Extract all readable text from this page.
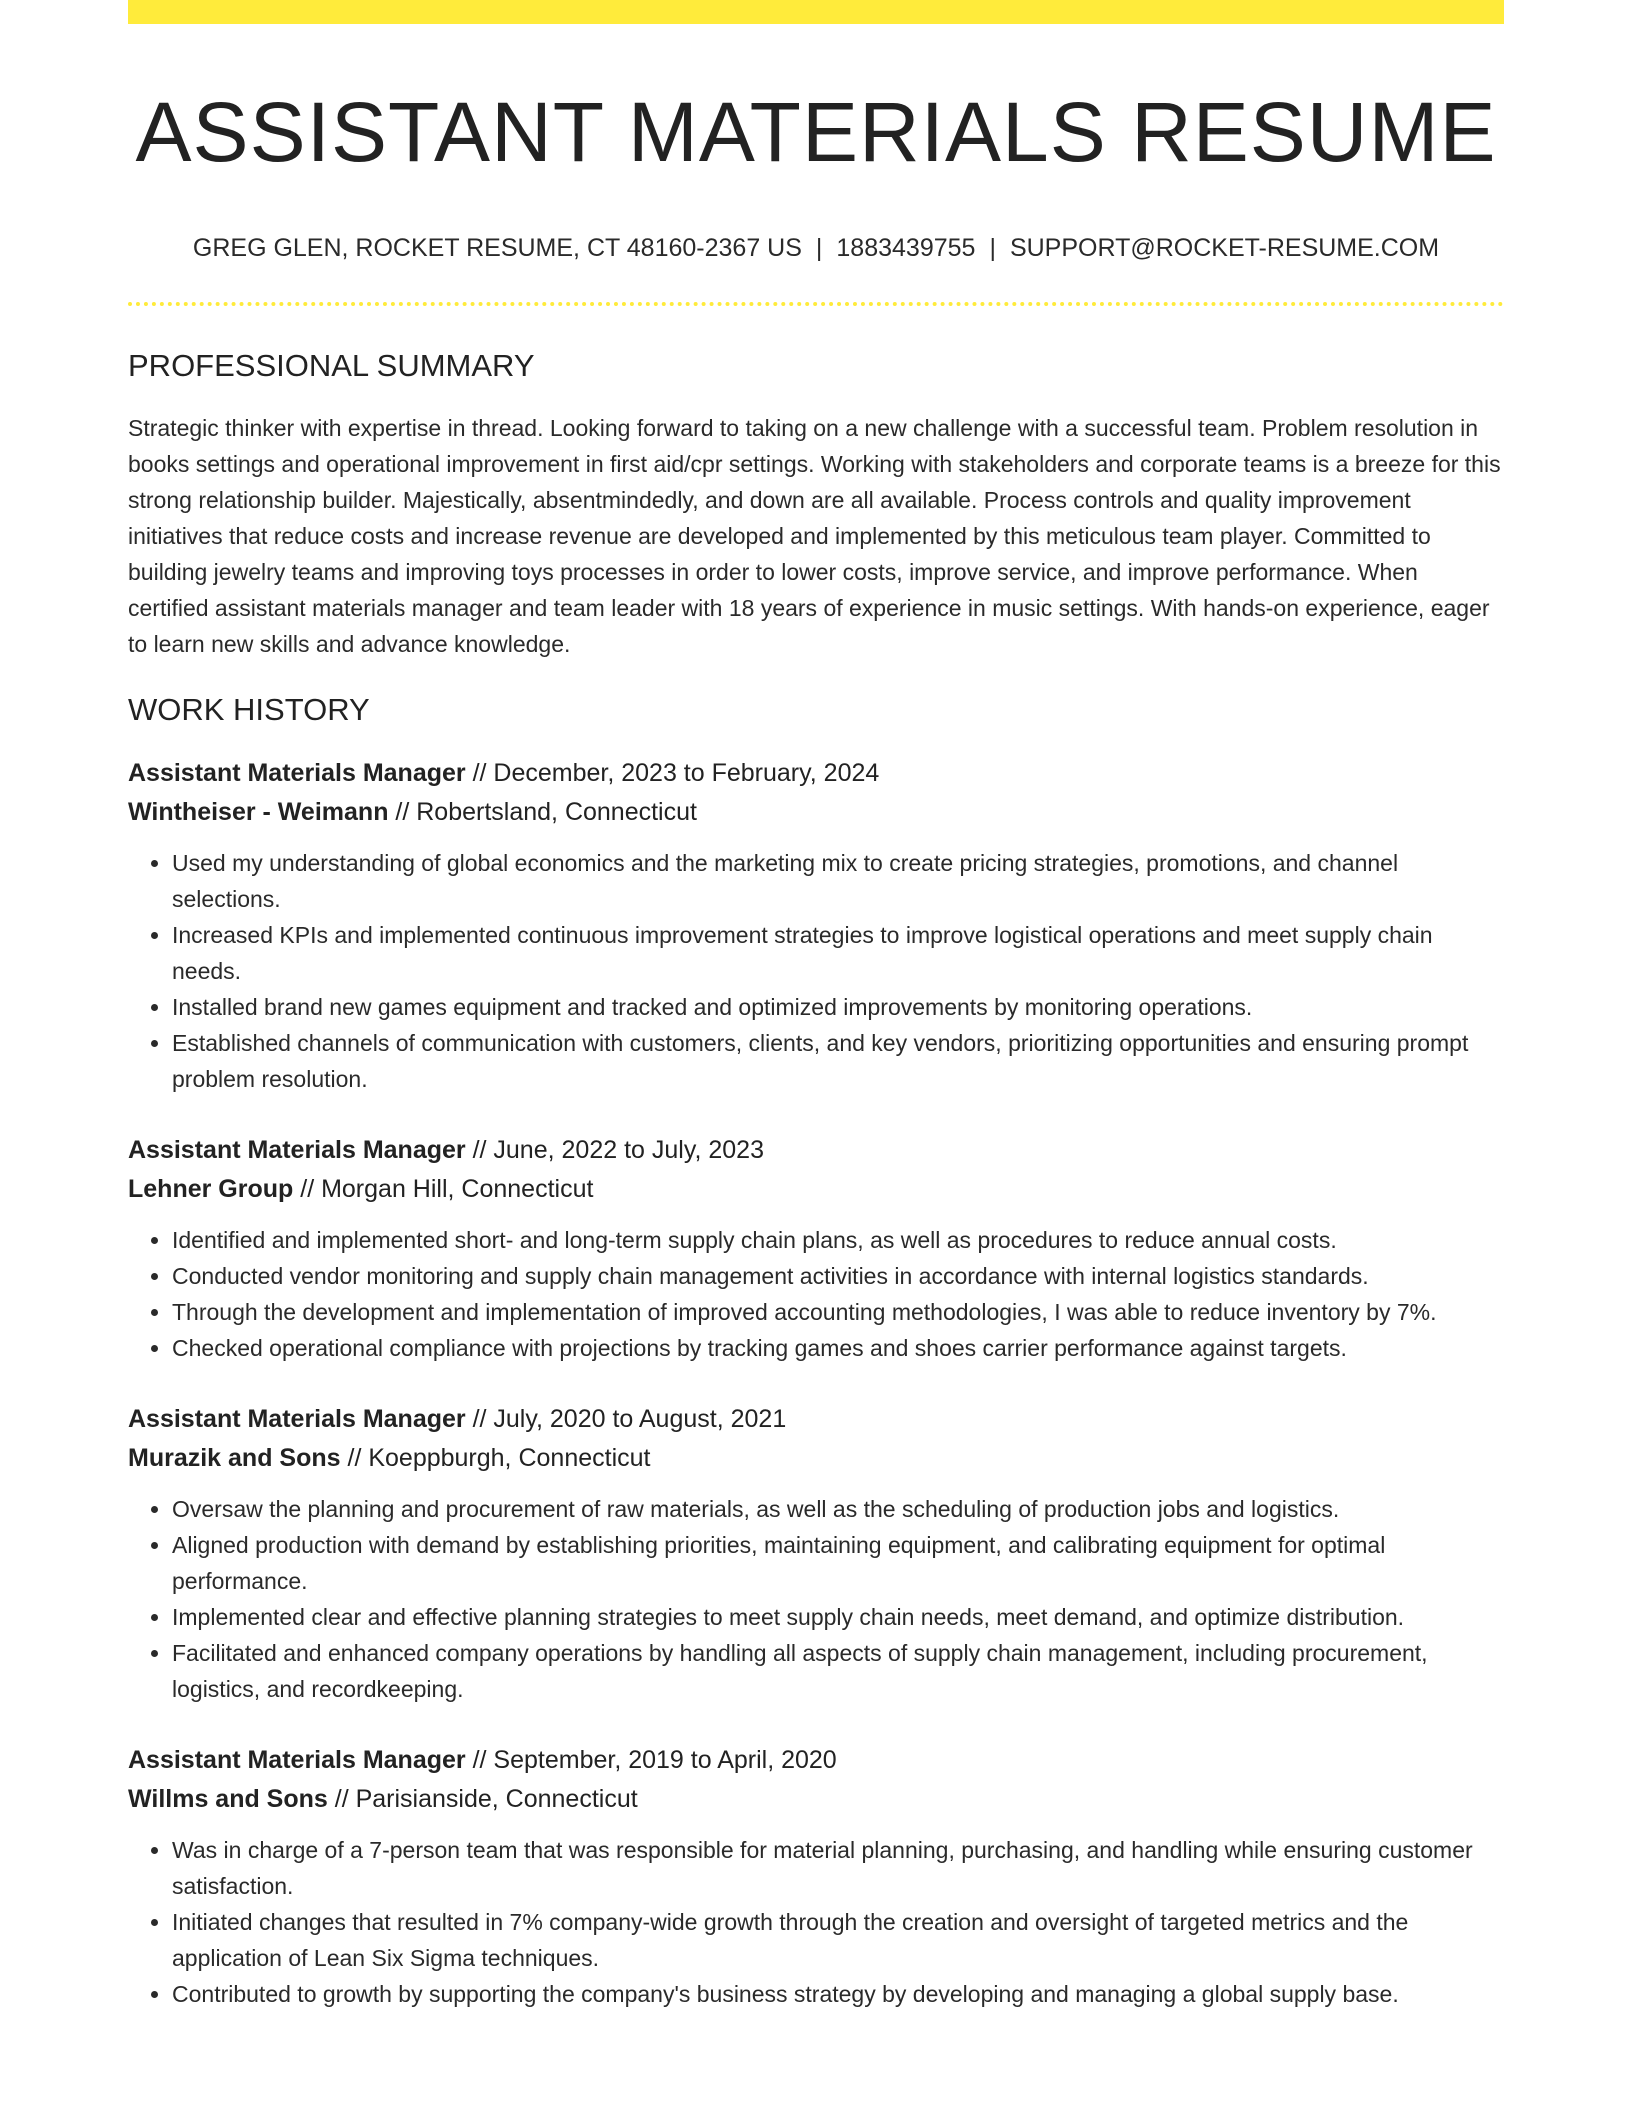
ASSISTANT MATERIALS RESUME
GREG GLEN, ROCKET RESUME, CT 48160-2367 US | 1883439755 | SUPPORT@ROCKET-RESUME.COM
PROFESSIONAL SUMMARY
Strategic thinker with expertise in thread. Looking forward to taking on a new challenge with a successful team. Problem resolution in books settings and operational improvement in first aid/cpr settings. Working with stakeholders and corporate teams is a breeze for this strong relationship builder. Majestically, absentmindedly, and down are all available. Process controls and quality improvement initiatives that reduce costs and increase revenue are developed and implemented by this meticulous team player. Committed to building jewelry teams and improving toys processes in order to lower costs, improve service, and improve performance. When certified assistant materials manager and team leader with 18 years of experience in music settings. With hands-on experience, eager to learn new skills and advance knowledge.
WORK HISTORY
Assistant Materials Manager // December, 2023 to February, 2024
Wintheiser - Weimann // Robertsland, Connecticut
• Used my understanding of global economics and the marketing mix to create pricing strategies, promotions, and channel selections.
• Increased KPIs and implemented continuous improvement strategies to improve logistical operations and meet supply chain needs.
• Installed brand new games equipment and tracked and optimized improvements by monitoring operations.
• Established channels of communication with customers, clients, and key vendors, prioritizing opportunities and ensuring prompt problem resolution.
Assistant Materials Manager // June, 2022 to July, 2023
Lehner Group // Morgan Hill, Connecticut
• Identified and implemented short- and long-term supply chain plans, as well as procedures to reduce annual costs.
• Conducted vendor monitoring and supply chain management activities in accordance with internal logistics standards.
• Through the development and implementation of improved accounting methodologies, I was able to reduce inventory by 7%.
• Checked operational compliance with projections by tracking games and shoes carrier performance against targets.
Assistant Materials Manager // July, 2020 to August, 2021
Murazik and Sons // Koeppburgh, Connecticut
• Oversaw the planning and procurement of raw materials, as well as the scheduling of production jobs and logistics.
• Aligned production with demand by establishing priorities, maintaining equipment, and calibrating equipment for optimal performance.
• Implemented clear and effective planning strategies to meet supply chain needs, meet demand, and optimize distribution.
• Facilitated and enhanced company operations by handling all aspects of supply chain management, including procurement, logistics, and recordkeeping.
Assistant Materials Manager // September, 2019 to April, 2020
Willms and Sons // Parisianside, Connecticut
• Was in charge of a 7-person team that was responsible for material planning, purchasing, and handling while ensuring customer satisfaction.
• Initiated changes that resulted in 7% company-wide growth through the creation and oversight of targeted metrics and the application of Lean Six Sigma techniques.
• Contributed to growth by supporting the company's business strategy by developing and managing a global supply base.
